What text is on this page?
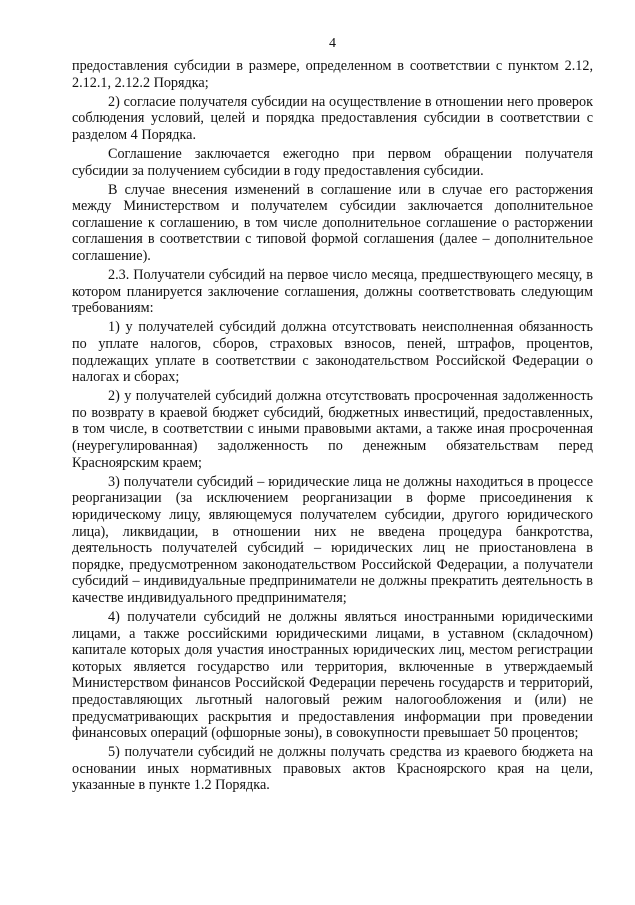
4

предоставления субсидии в размере, определенном в соответствии с пунктом 2.12, 2.12.1, 2.12.2 Порядка;

2) согласие получателя субсидии на осуществление в отношении него проверок соблюдения условий, целей и порядка предоставления субсидии в соответствии с разделом 4 Порядка.

Соглашение заключается ежегодно при первом обращении получателя субсидии за получением субсидии в году предоставления субсидии.

В случае внесения изменений в соглашение или в случае его расторжения между Министерством и получателем субсидии заключается дополнительное соглашение к соглашению, в том числе дополнительное соглашение о расторжении соглашения в соответствии с типовой формой соглашения (далее – дополнительное соглашение).

2.3. Получатели субсидий на первое число месяца, предшествующего месяцу, в котором планируется заключение соглашения, должны соответствовать следующим требованиям:

1) у получателей субсидий должна отсутствовать неисполненная обязанность по уплате налогов, сборов, страховых взносов, пеней, штрафов, процентов, подлежащих уплате в соответствии с законодательством Российской Федерации о налогах и сборах;

2) у получателей субсидий должна отсутствовать просроченная задолженность по возврату в краевой бюджет субсидий, бюджетных инвестиций, предоставленных, в том числе, в соответствии с иными правовыми актами, а также иная просроченная (неурегулированная) задолженность по денежным обязательствам перед Красноярским краем;

3) получатели субсидий – юридические лица не должны находиться в процессе реорганизации (за исключением реорганизации в форме присоединения к юридическому лицу, являющемуся получателем субсидии, другого юридического лица), ликвидации, в отношении них не введена процедура банкротства, деятельность получателей субсидий – юридических лиц не приостановлена в порядке, предусмотренном законодательством Российской Федерации, а получатели субсидий – индивидуальные предприниматели не должны прекратить деятельность в качестве индивидуального предпринимателя;

4) получатели субсидий не должны являться иностранными юридическими лицами, а также российскими юридическими лицами, в уставном (складочном) капитале которых доля участия иностранных юридических лиц, местом регистрации которых является государство или территория, включенные в утверждаемый Министерством финансов Российской Федерации перечень государств и территорий, предоставляющих льготный налоговый режим налогообложения и (или) не предусматривающих раскрытия и предоставления информации при проведении финансовых операций (офшорные зоны), в совокупности превышает 50 процентов;

5) получатели субсидий не должны получать средства из краевого бюджета на основании иных нормативных правовых актов Красноярского края на цели, указанные в пункте 1.2 Порядка.
